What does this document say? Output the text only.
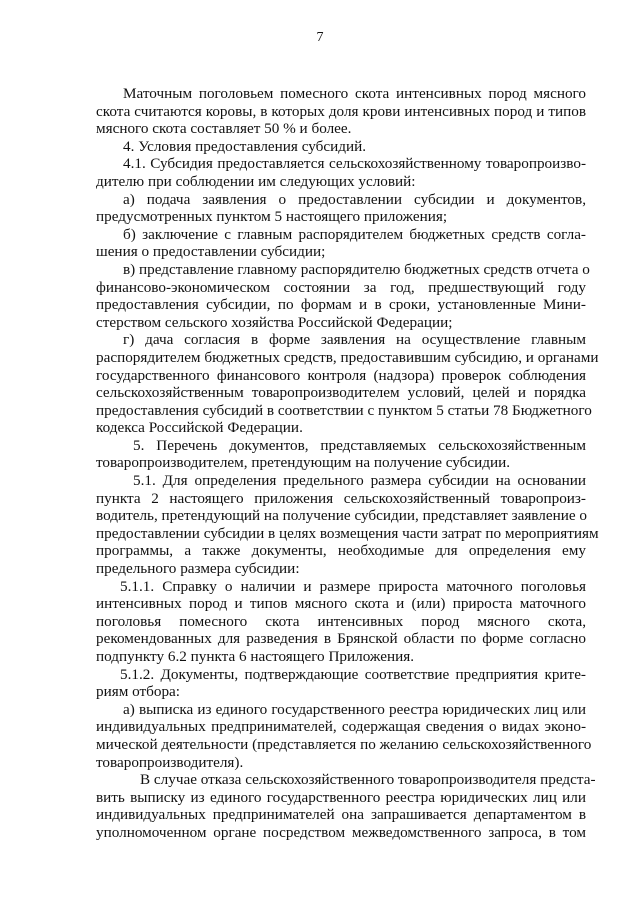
7
Маточным поголовьем помесного скота интенсивных пород мясного
скота считаются коровы, в которых доля крови интенсивных пород и типов
мясного скота составляет 50 % и более.
4. Условия предоставления субсидий.
4.1. Субсидия предоставляется сельскохозяйственному товаропроизво-
дителю при соблюдении им следующих условий:
а) подача заявления о предоставлении субсидии и документов,
предусмотренных пунктом 5 настоящего приложения;
б) заключение с главным распорядителем бюджетных средств согла-
шения о предоставлении субсидии;
в) представление главному распорядителю бюджетных средств отчета о
финансово-экономическом состоянии за год, предшествующий году
предоставления субсидии, по формам и в сроки, установленные Мини-
стерством сельского хозяйства Российской Федерации;
г) дача согласия в форме заявления на осуществление главным
распорядителем бюджетных средств, предоставившим субсидию, и органами
государственного финансового контроля (надзора) проверок соблюдения
сельскохозяйственным товаропроизводителем условий, целей и порядка
предоставления субсидий в соответствии с пунктом 5 статьи 78 Бюджетного
кодекса Российской Федерации.
5. Перечень документов, представляемых сельскохозяйственным
товаропроизводителем, претендующим на получение субсидии.
5.1. Для определения предельного размера субсидии на основании
пункта 2 настоящего приложения сельскохозяйственный товаропроиз-
водитель, претендующий на получение субсидии, представляет заявление о
предоставлении субсидии в целях возмещения части затрат по мероприятиям
программы, а также документы, необходимые для определения ему
предельного размера субсидии:
5.1.1. Справку о наличии и размере прироста маточного поголовья
интенсивных пород и типов мясного скота и (или) прироста маточного
поголовья помесного скота интенсивных пород мясного скота,
рекомендованных для разведения в Брянской области по форме согласно
подпункту 6.2 пункта 6 настоящего Приложения.
5.1.2. Документы, подтверждающие соответствие предприятия крите-
риям отбора:
а) выписка из единого государственного реестра юридических лиц или
индивидуальных предпринимателей, содержащая сведения о видах эконо-
мической деятельности (представляется по желанию сельскохозяйственного
товаропроизводителя).
В случае отказа сельскохозяйственного товаропроизводителя предста-
вить выписку из единого государственного реестра юридических лиц или
индивидуальных предпринимателей она запрашивается департаментом в
уполномоченном органе посредством межведомственного запроса, в том
